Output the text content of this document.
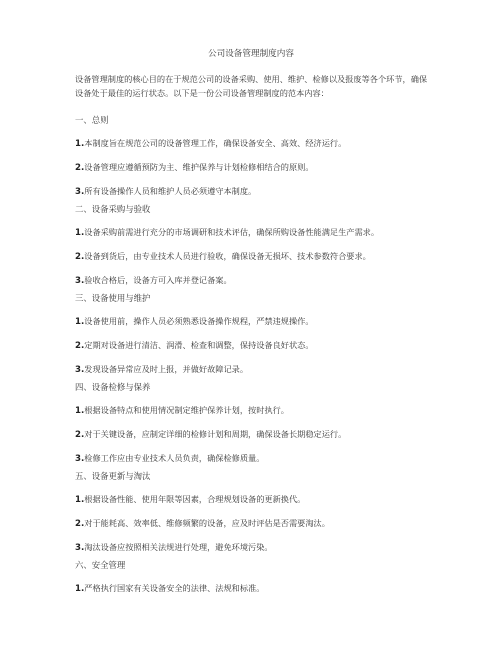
公司设备管理制度内容
设备管理制度的核心目的在于规范公司的设备采购、使用、维护、检修以及报废等各个环节，确保设备处于最佳的运行状态。以下是一份公司设备管理制度的范本内容：
一、总则
1.本制度旨在规范公司的设备管理工作，确保设备安全、高效、经济运行。
2.设备管理应遵循预防为主、维护保养与计划检修相结合的原则。
3.所有设备操作人员和维护人员必须遵守本制度。
二、设备采购与验收
1.设备采购前需进行充分的市场调研和技术评估，确保所购设备性能满足生产需求。
2.设备到货后，由专业技术人员进行验收，确保设备无损坏、技术参数符合要求。
3.验收合格后，设备方可入库并登记备案。
三、设备使用与维护
1.设备使用前，操作人员必须熟悉设备操作规程，严禁违规操作。
2.定期对设备进行清洁、润滑、检查和调整，保持设备良好状态。
3.发现设备异常应及时上报，并做好故障记录。
四、设备检修与保养
1.根据设备特点和使用情况制定维护保养计划，按时执行。
2.对于关键设备，应制定详细的检修计划和周期，确保设备长期稳定运行。
3.检修工作应由专业技术人员负责，确保检修质量。
五、设备更新与淘汰
1.根据设备性能、使用年限等因素，合理规划设备的更新换代。
2.对于能耗高、效率低、维修频繁的设备，应及时评估是否需要淘汰。
3.淘汰设备应按照相关法规进行处理，避免环境污染。
六、安全管理
1.严格执行国家有关设备安全的法律、法规和标准。
